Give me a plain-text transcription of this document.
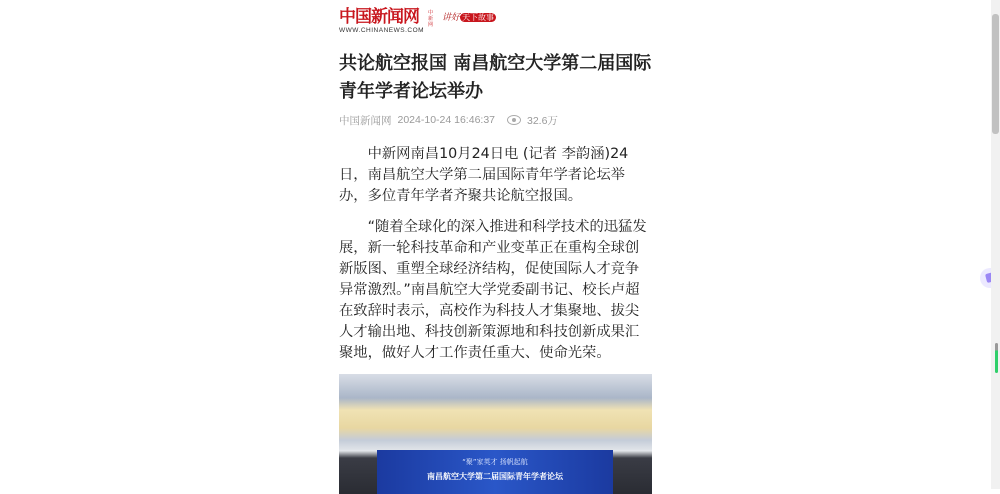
中国新闻网
WWW.CHINANEWS.COM
中新网
讲好 天下故事
共论航空报国 南昌航空大学第二届国际青年学者论坛举办
中国新闻网 2024-10-24 16:46:37	32.6万

中新网南昌10月24日电 (记者 李韵涵)24日，南昌航空大学第二届国际青年学者论坛举办，多位青年学者齐聚共论航空报国。

“随着全球化的深入推进和科学技术的迅猛发展，新一轮科技革命和产业变革正在重构全球创新版图、重塑全球经济结构，促使国际人才竞争异常激烈。”南昌航空大学党委副书记、校长卢超在致辞时表示，高校作为科技人才集聚地、拔尖人才输出地、科技创新策源地和科技创新成果汇聚地，做好人才工作责任重大、使命光荣。

“聚”家英才 扬帆起航
南昌航空大学第二届国际青年学者论坛
